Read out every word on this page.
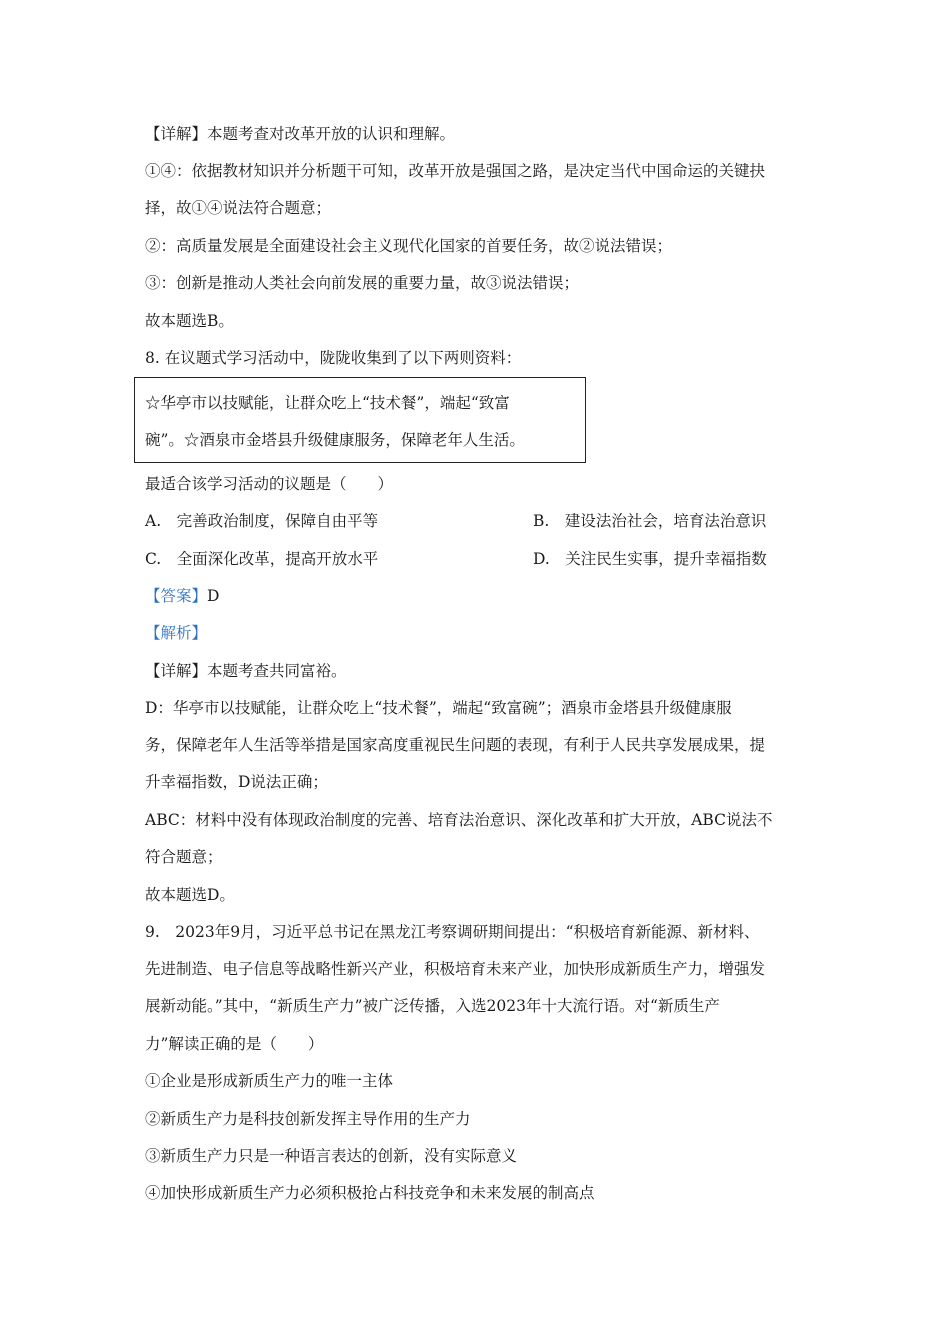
【详解】本题考查对改革开放的认识和理解。
①④：依据教材知识并分析题干可知，改革开放是强国之路，是决定当代中国命运的关键抉
择，故①④说法符合题意；
②：高质量发展是全面建设社会主义现代化国家的首要任务，故②说法错误；
③：创新是推动人类社会向前发展的重要力量，故③说法错误；
故本题选B。
8. 在议题式学习活动中，陇陇收集到了以下两则资料：
☆华亭市以技赋能，让群众吃上“技术餐”，端起“致富
碗”。☆酒泉市金塔县升级健康服务，保障老年人生活。
最适合该学习活动的议题是（　　）
A.　完善政治制度，保障自由平等	B.　建设法治社会，培育法治意识
C.　全面深化改革，提高开放水平	D.　关注民生实事，提升幸福指数
【答案】D
【解析】
【详解】本题考查共同富裕。
D：华亭市以技赋能，让群众吃上“技术餐”，端起“致富碗”；酒泉市金塔县升级健康服
务，保障老年人生活等举措是国家高度重视民生问题的表现，有利于人民共享发展成果，提
升幸福指数，D说法正确；
ABC：材料中没有体现政治制度的完善、培育法治意识、深化改革和扩大开放，ABC说法不
符合题意；
故本题选D。
9.　2023年9月，习近平总书记在黑龙江考察调研期间提出：“积极培育新能源、新材料、
先进制造、电子信息等战略性新兴产业，积极培育未来产业，加快形成新质生产力，增强发
展新动能。”其中，“新质生产力”被广泛传播，入选2023年十大流行语。对“新质生产
力”解读正确的是（　　）
①企业是形成新质生产力的唯一主体
②新质生产力是科技创新发挥主导作用的生产力
③新质生产力只是一种语言表达的创新，没有实际意义
④加快形成新质生产力必须积极抢占科技竞争和未来发展的制高点
